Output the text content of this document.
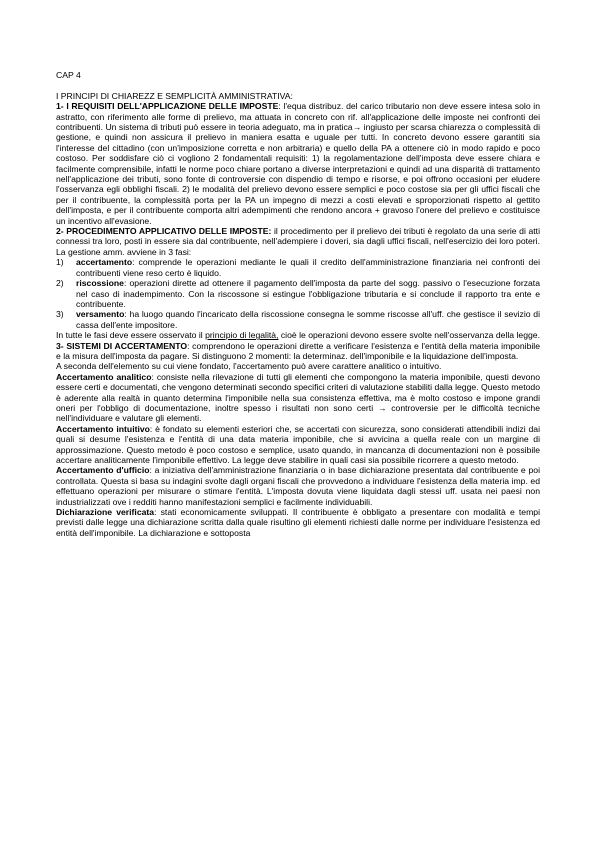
CAP 4
I PRINCIPI DI CHIAREZZ E SEMPLICITÀ AMMINISTRATIVA:

1- I REQUISITI DELL'APPLICAZIONE DELLE IMPOSTE: l'equa distribuz. del carico tributario non deve essere intesa solo in astratto, con riferimento alle forme di prelievo, ma attuata in concreto con rif. all'applicazione delle imposte nei confronti dei contribuenti. Un sistema di tributi può essere in teoria adeguato, ma in pratica→ ingiusto per scarsa chiarezza o complessità di gestione, e quindi non assicura il prelievo in maniera esatta e uguale per tutti. In concreto devono essere garantiti sia l'interesse del cittadino (con un'imposizione corretta e non arbitraria) e quello della PA a ottenere ciò in modo rapido e poco costoso. Per soddisfare ciò ci vogliono 2 fondamentali requisiti: 1) la regolamentazione dell'imposta deve essere chiara e facilmente comprensibile, infatti le norme poco chiare portano a diverse interpretazioni e quindi ad una disparità di trattamento nell'applicazione dei tributi, sono fonte di controversie con dispendio di tempo e risorse, e poi offrono occasioni per eludere l'osservanza egli obblighi fiscali. 2) le modalità del prelievo devono essere semplici e poco costose sia per gli uffici fiscali che per il contribuente, la complessità porta per la PA un impegno di mezzi a costi elevati e sproporzionati rispetto al gettito dell'imposta, e per il contribuente comporta altri adempimenti che rendono ancora + gravoso l'onere del prelievo e costituisce un incentivo all'evasione.

2- PROCEDIMENTO APPLICATIVO DELLE IMPOSTE: il procedimento per il prelievo dei tributi è regolato da una serie di atti connessi tra loro, posti in essere sia dal contribuente, nell'adempiere i doveri, sia dagli uffici fiscali, nell'esercizio dei loro poteri. La gestione amm. avviene in 3 fasi:

1)	accertamento: comprende le operazioni mediante le quali il credito dell'amministrazione finanziaria nei confronti dei contribuenti viene reso certo è liquido.
2)	riscossione: operazioni dirette ad ottenere il pagamento dell'imposta da parte del sogg. passivo o l'esecuzione forzata nel caso di inadempimento. Con la riscossone si estingue l'obbligazione tributaria e si conclude il rapporto tra ente e contribuente.
3)	versamento: ha luogo quando l'incaricato della riscossione consegna le somme riscosse all'uff. che gestisce il sevizio di cassa dell'ente impositore.

In tutte le fasi deve essere osservato il principio di legalità, cioè le operazioni devono essere svolte nell'osservanza della legge.

3- SISTEMI DI ACCERTAMENTO: comprendono le operazioni dirette a verificare l'esistenza e l'entità della materia imponibile e la misura dell'imposta da pagare. Si distinguono 2 momenti: la determinaz. dell'imponibile e la liquidazione dell'imposta.

A seconda dell'elemento su cui viene fondato, l'accertamento può avere carattere analitico o intuitivo.

Accertamento analitico: consiste nella rilevazione di tutti gli elementi che compongono la materia imponibile, questi devono essere certi e documentati, che vengono determinati secondo specifici criteri di valutazione stabiliti dalla legge. Questo metodo è aderente alla realtà in quanto determina l'imponibile nella sua consistenza effettiva, ma è molto costoso e impone grandi oneri per l'obbligo di documentazione, inoltre spesso i risultati non sono certi → controversie per le difficoltà tecniche nell'individuare e valutare gli elementi.

Accertamento intuitivo: è fondato su elementi esteriori che, se accertati con sicurezza, sono considerati attendibili indizi dai quali si desume l'esistenza e l'entità di una data materia imponibile, che si avvicina a quella reale con un margine di approssimazione. Questo metodo è poco costoso e semplice, usato quando, in mancanza di documentazioni non è possibile accertare analiticamente l'imponibile effettivo. La legge deve stabilire in quali casi sia possibile ricorrere a questo metodo.

Accertamento d'ufficio: a iniziativa dell'amministrazione finanziaria o in base dichiarazione presentata dal contribuente e poi controllata. Questa si basa su indagini svolte dagli organi fiscali che provvedono a individuare l'esistenza della materia imp. ed effettuano operazioni per misurare o stimare l'entità. L'imposta dovuta viene liquidata dagli stessi uff. usata nei paesi non industrializzati ove i redditi hanno manifestazioni semplici e facilmente individuabili.

Dichiarazione verificata: stati economicamente sviluppati. Il contribuente è obbligato a presentare con modalità e tempi previsti dalle legge una dichiarazione scritta dalla quale risultino gli elementi richiesti dalle norme per individuare l'esistenza ed entità dell'imponibile. La dichiarazione e sottoposta
